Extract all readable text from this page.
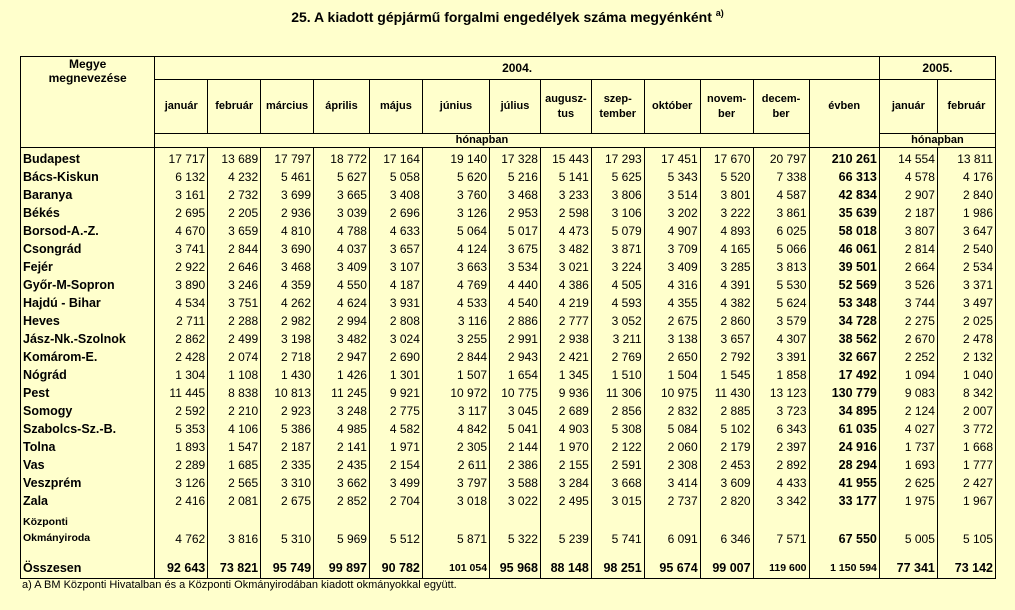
25. A kiadott gépjármű forgalmi engedélyek száma megyénként $^{a)}$
Megye
megnevezése	2004.													2005.	
	január	február	március	április	május	június	július	augusz-tus	szep-tember	október	novem-ber	decem-ber	évben	január	február
	hónapban													hónapban	
Budapest	17 717	13 689	17 797	18 772	17 164	19 140	17 328	15 443	17 293	17 451	17 670	20 797	210 261	14 554	13 811
Bács-Kiskun	6 132	4 232	5 461	5 627	5 058	5 620	5 216	5 141	5 625	5 343	5 520	7 338	66 313	4 578	4 176
Baranya	3 161	2 732	3 699	3 665	3 408	3 760	3 468	3 233	3 806	3 514	3 801	4 587	42 834	2 907	2 840
Békés	2 695	2 205	2 936	3 039	2 696	3 126	2 953	2 598	3 106	3 202	3 222	3 861	35 639	2 187	1 986
Borsod-A.-Z.	4 670	3 659	4 810	4 788	4 633	5 064	5 017	4 473	5 079	4 907	4 893	6 025	58 018	3 807	3 647
Csongrád	3 741	2 844	3 690	4 037	3 657	4 124	3 675	3 482	3 871	3 709	4 165	5 066	46 061	2 814	2 540
Fejér	2 922	2 646	3 468	3 409	3 107	3 663	3 534	3 021	3 224	3 409	3 285	3 813	39 501	2 664	2 534
Győr-M-Sopron	3 890	3 246	4 359	4 550	4 187	4 769	4 440	4 386	4 505	4 316	4 391	5 530	52 569	3 526	3 371
Hajdú - Bihar	4 534	3 751	4 262	4 624	3 931	4 533	4 540	4 219	4 593	4 355	4 382	5 624	53 348	3 744	3 497
Heves	2 711	2 288	2 982	2 994	2 808	3 116	2 886	2 777	3 052	2 675	2 860	3 579	34 728	2 275	2 025
Jász-Nk.-Szolnok	2 862	2 499	3 198	3 482	3 024	3 255	2 991	2 938	3 211	3 138	3 657	4 307	38 562	2 670	2 478
Komárom-E.	2 428	2 074	2 718	2 947	2 690	2 844	2 943	2 421	2 769	2 650	2 792	3 391	32 667	2 252	2 132
Nógrád	1 304	1 108	1 430	1 426	1 301	1 507	1 654	1 345	1 510	1 504	1 545	1 858	17 492	1 094	1 040
Pest	11 445	8 838	10 813	11 245	9 921	10 972	10 775	9 936	11 306	10 975	11 430	13 123	130 779	9 083	8 342
Somogy	2 592	2 210	2 923	3 248	2 775	3 117	3 045	2 689	2 856	2 832	2 885	3 723	34 895	2 124	2 007
Szabolcs-Sz.-B.	5 353	4 106	5 386	4 985	4 582	4 842	5 041	4 903	5 308	5 084	5 102	6 343	61 035	4 027	3 772
Tolna	1 893	1 547	2 187	2 141	1 971	2 305	2 144	1 970	2 122	2 060	2 179	2 397	24 916	1 737	1 668
Vas	2 289	1 685	2 335	2 435	2 154	2 611	2 386	2 155	2 591	2 308	2 453	2 892	28 294	1 693	1 777
Veszprém	3 126	2 565	3 310	3 662	3 499	3 797	3 588	3 284	3 668	3 414	3 609	4 433	41 955	2 625	2 427
Zala	2 416	2 081	2 675	2 852	2 704	3 018	3 022	2 495	3 015	2 737	2 820	3 342	33 177	1 975	1 967
Központi
Okmányiroda	4 762	3 816	5 310	5 969	5 512	5 871	5 322	5 239	5 741	6 091	6 346	7 571	67 550	5 005	5 105

Összesen	92 643	73 821	95 749	99 897	90 782	101 054	95 968	88 148	98 251	95 674	99 007	119 600	1 150 594	77 341	73 142
a) A BM Központi Hivatalban és a Központi Okmányirodában kiadott okmányokkal együtt.
